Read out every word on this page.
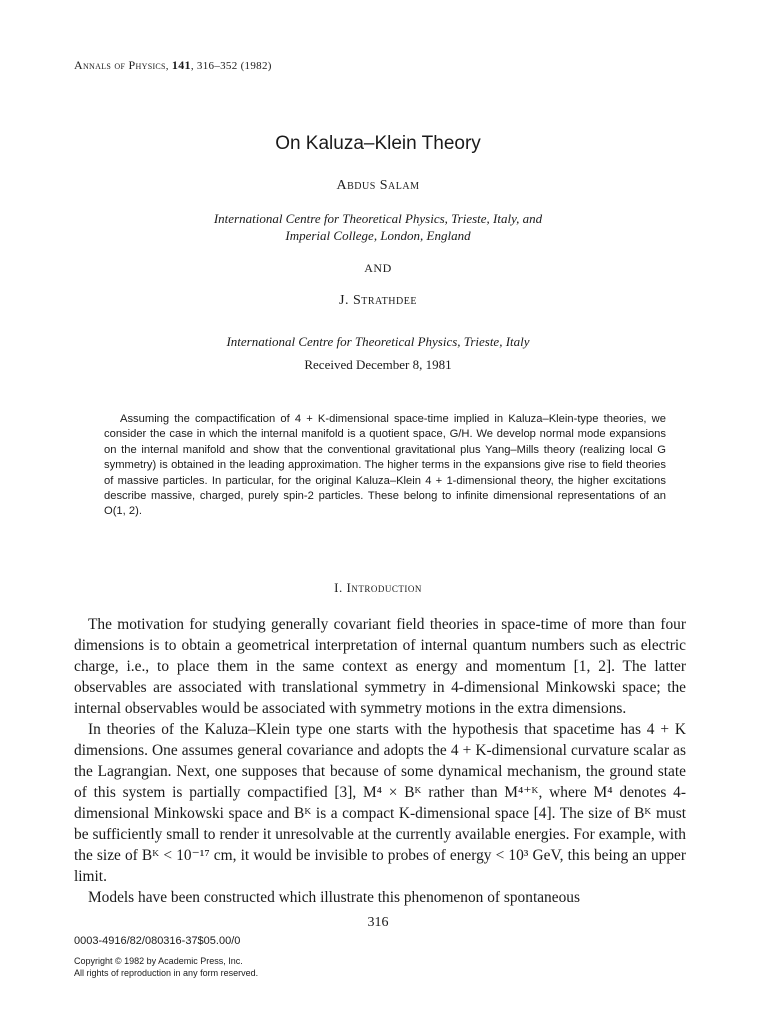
Annals of Physics, 141, 316–352 (1982)
On Kaluza–Klein Theory
Abdus Salam
International Centre for Theoretical Physics, Trieste, Italy, and
Imperial College, London, England
AND
J. Strathdee
International Centre for Theoretical Physics, Trieste, Italy
Received December 8, 1981
Assuming the compactification of 4 + K-dimensional space-time implied in Kaluza–Klein-type theories, we consider the case in which the internal manifold is a quotient space, G/H. We develop normal mode expansions on the internal manifold and show that the conventional gravitational plus Yang–Mills theory (realizing local G symmetry) is obtained in the leading approximation. The higher terms in the expansions give rise to field theories of massive particles. In particular, for the original Kaluza–Klein 4 + 1-dimensional theory, the higher excitations describe massive, charged, purely spin-2 particles. These belong to infinite dimensional representations of an O(1, 2).
I. Introduction

The motivation for studying generally covariant field theories in space-time of more than four dimensions is to obtain a geometrical interpretation of internal quantum numbers such as electric charge, i.e., to place them in the same context as energy and momentum [1, 2]. The latter observables are associated with translational symmetry in 4-dimensional Minkowski space; the internal observables would be associated with symmetry motions in the extra dimensions.

In theories of the Kaluza–Klein type one starts with the hypothesis that spacetime has 4 + K dimensions. One assumes general covariance and adopts the 4 + K-dimensional curvature scalar as the Lagrangian. Next, one supposes that because of some dynamical mechanism, the ground state of this system is partially compactified [3], M⁴ × Bᴷ rather than M⁴⁺ᴷ, where M⁴ denotes 4-dimensional Minkowski space and Bᴷ is a compact K-dimensional space [4]. The size of Bᴷ must be sufficiently small to render it unresolvable at the currently available energies. For example, with the size of Bᴷ < 10⁻¹⁷ cm, it would be invisible to probes of energy < 10³ GeV, this being an upper limit.

Models have been constructed which illustrate this phenomenon of spontaneous

316
0003-4916/82/080316-37$05.00/0
Copyright © 1982 by Academic Press, Inc.
All rights of reproduction in any form reserved.
